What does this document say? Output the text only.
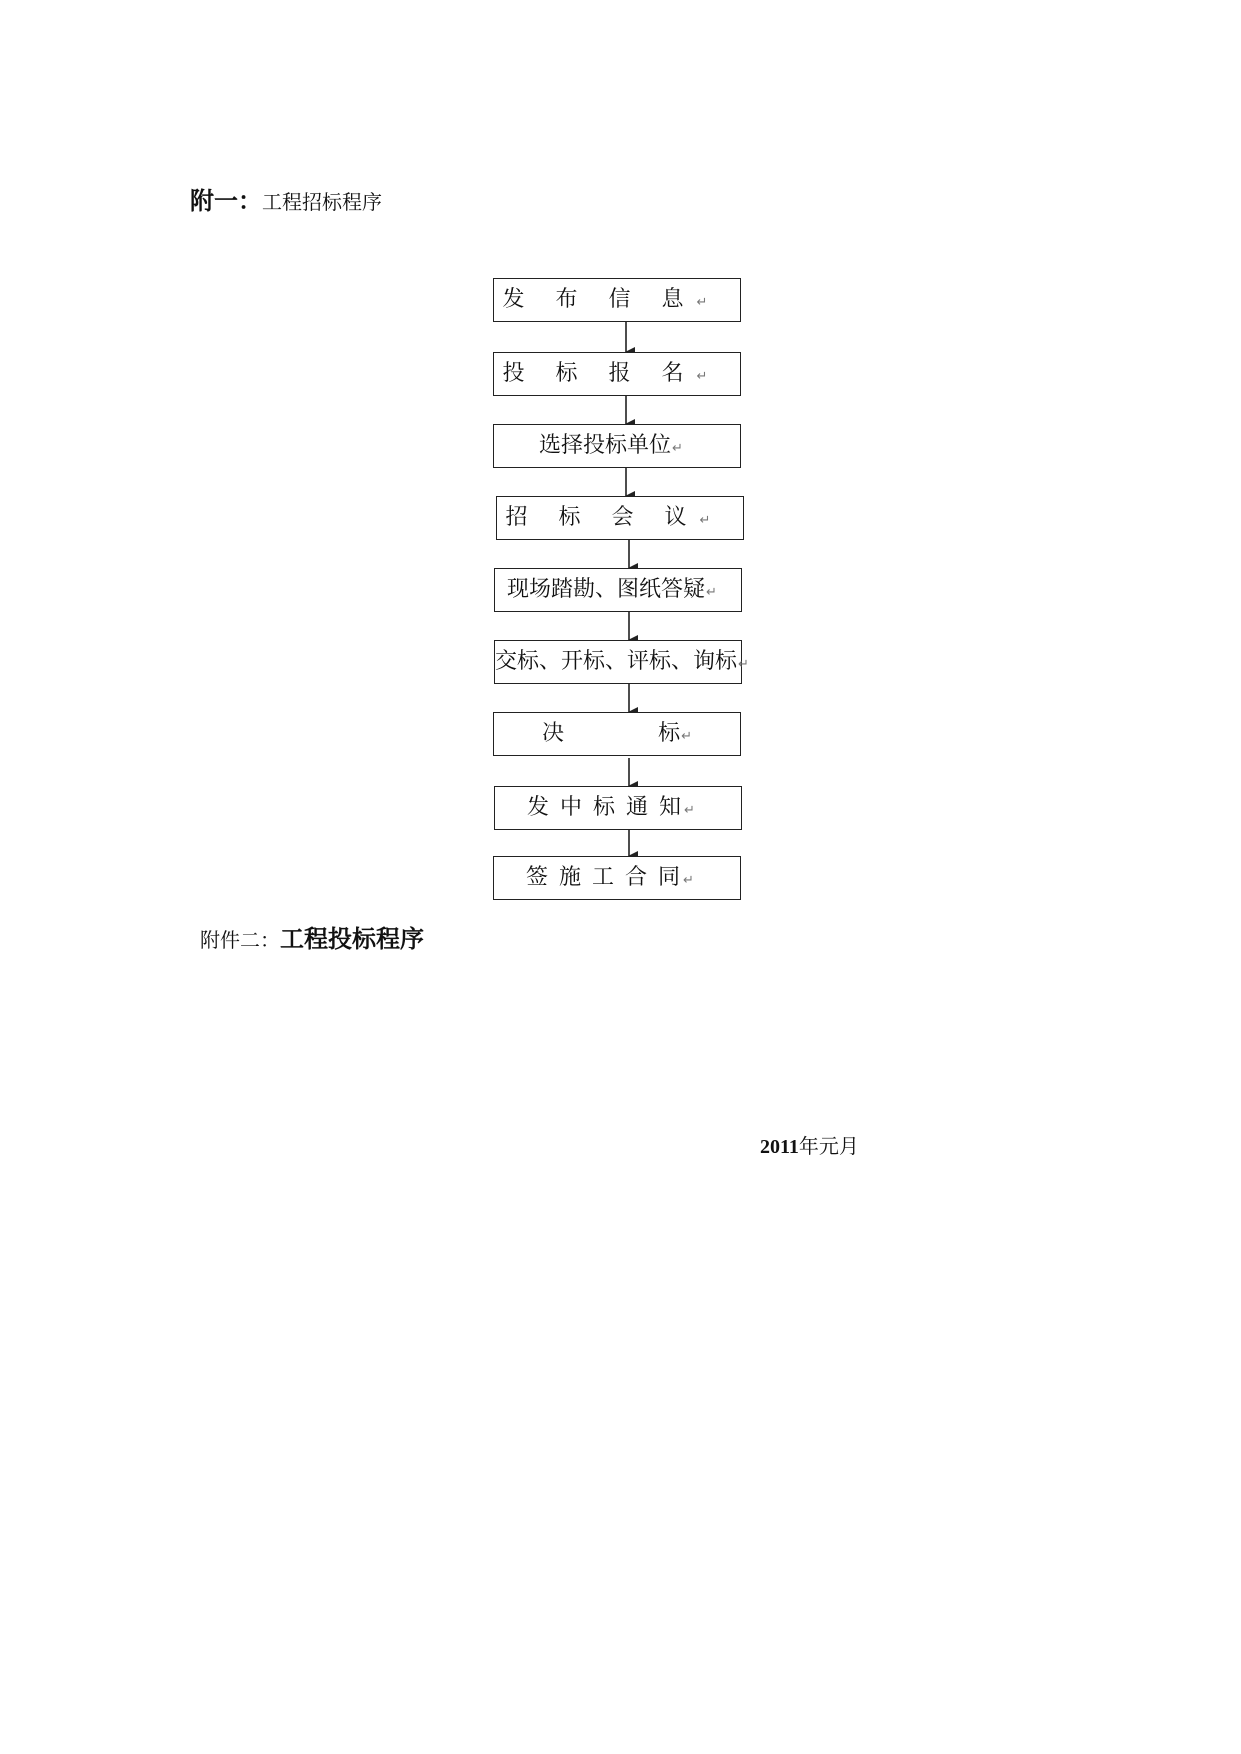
附一：工程招标程序
发 布 信 息↵
投 标 报 名↵
选择投标单位↵
招 标 会 议↵
现场踏勘、图纸答疑↵
交标、开标、评标、询标↵
决	标↵
发 中 标 通 知↵
签 施 工 合 同↵
附件二：工程投标程序
2011年元月
